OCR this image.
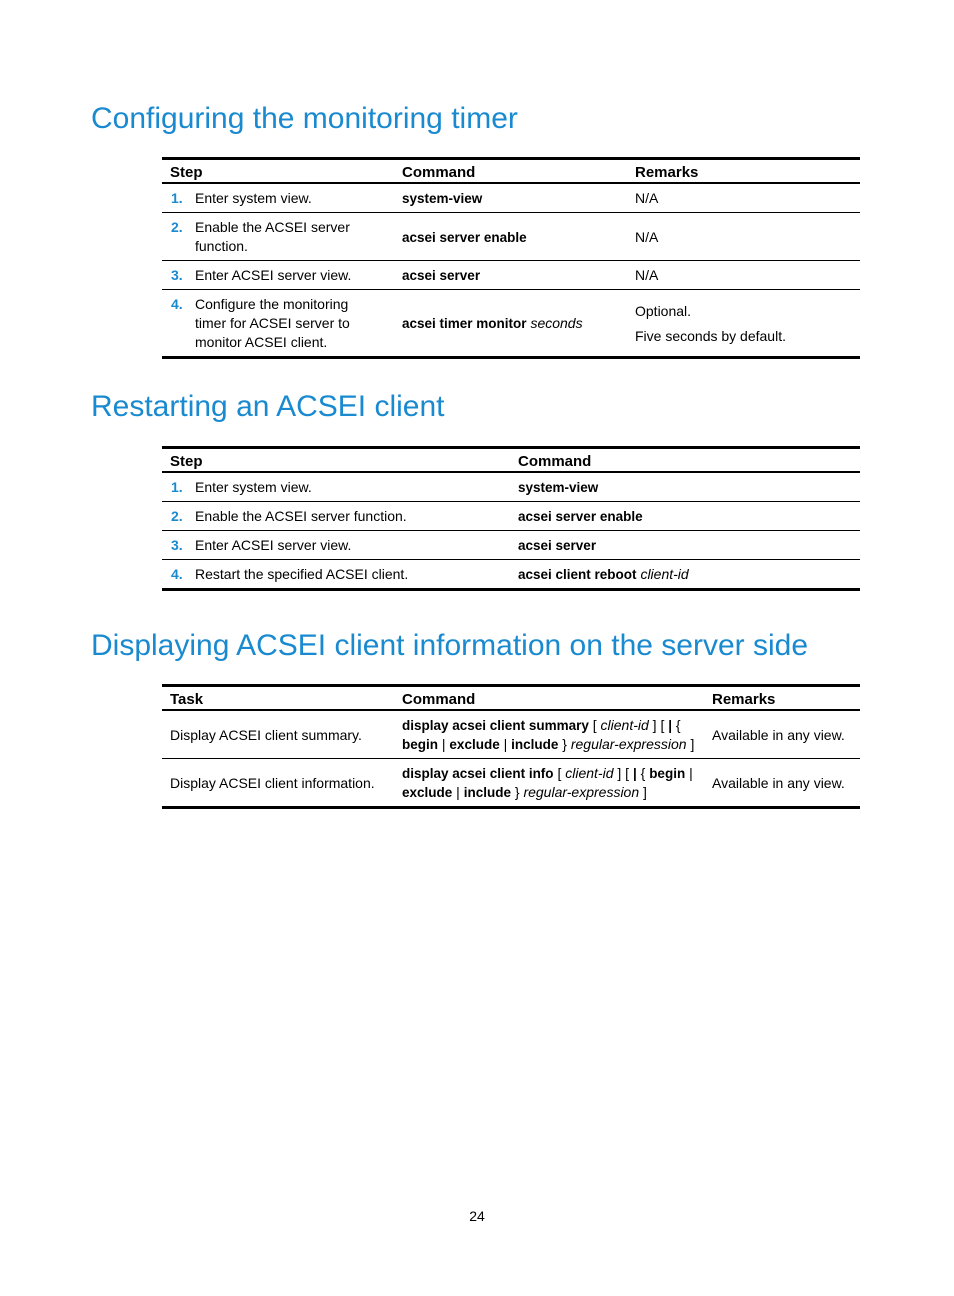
Configuring the monitoring timer
Step	Command	Remarks
1. Enter system view.	system-view	N/A

2. Enable the ACSEI server function.	acsei server enable	N/A

3. Enter ACSEI server view.	acsei server	N/A

4. Configure the monitoring timer for ACSEI server to monitor ACSEI client.	acsei timer monitor seconds	Optional.

Five seconds by default.

Restarting an ACSEI client
Step	Command
1. Enter system view.	system-view
2. Enable the ACSEI server function.	acsei server enable
3. Enter ACSEI server view.	acsei server
4. Restart the specified ACSEI client.	acsei client reboot client-id
Displaying ACSEI client information on the server side
Task	Command	Remarks
Display ACSEI client summary.	display acsei client summary [ client-id ] [ | { begin | exclude | include } regular-expression ]	Available in any view.
Display ACSEI client information.	display acsei client info [ client-id ] [ | { begin | exclude | include } regular-expression ]	Available in any view.
24
